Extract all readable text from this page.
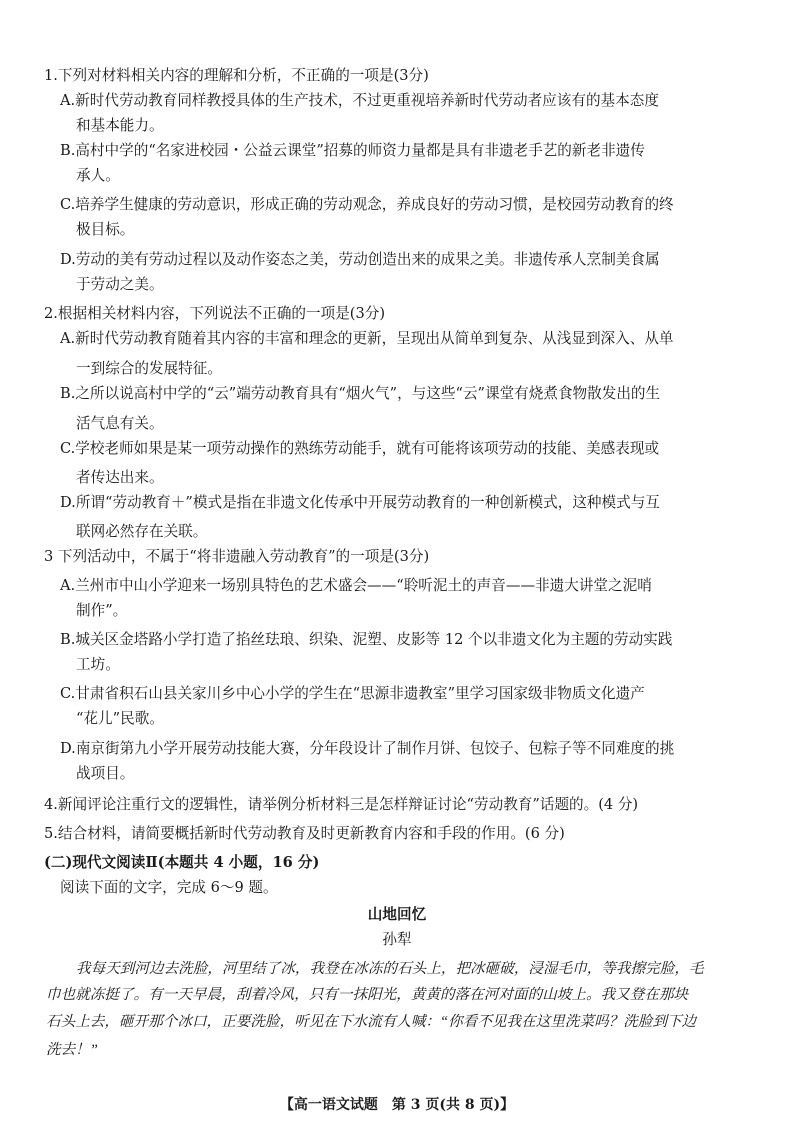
1.下列对材料相关内容的理解和分析，不正确的一项是(3分)
A.新时代劳动教育同样教授具体的生产技术，不过更重视培养新时代劳动者应该有的基本态度
和基本能力。
B.高村中学的“名家进校园・公益云课堂”招募的师资力量都是具有非遗老手艺的新老非遗传
承人。
C.培养学生健康的劳动意识，形成正确的劳动观念，养成良好的劳动习惯，是校园劳动教育的终
极目标。
D.劳动的美有劳动过程以及动作姿态之美，劳动创造出来的成果之美。非遗传承人烹制美食属
于劳动之美。
2.根据相关材料内容，下列说法不正确的一项是(3分)
A.新时代劳动教育随着其内容的丰富和理念的更新，呈现出从简单到复杂、从浅显到深入、从单
一到综合的发展特征。
B.之所以说高村中学的“云”端劳动教育具有“烟火气”，与这些“云”课堂有烧煮食物散发出的生
活气息有关。
C.学校老师如果是某一项劳动操作的熟练劳动能手，就有可能将该项劳动的技能、美感表现或
者传达出来。
D.所谓“劳动教育＋”模式是指在非遗文化传承中开展劳动教育的一种创新模式，这种模式与互
联网必然存在关联。
3 下列活动中，不属于“将非遗融入劳动教育”的一项是(3分)
A.兰州市中山小学迎来一场别具特色的艺术盛会——“聆听泥土的声音——非遗大讲堂之泥哨
制作”。
B.城关区金塔路小学打造了掐丝珐琅、织染、泥塑、皮影等 12 个以非遗文化为主题的劳动实践
工坊。
C.甘肃省积石山县关家川乡中心小学的学生在“思源非遗教室”里学习国家级非物质文化遗产
“花儿”民歌。
D.南京街第九小学开展劳动技能大赛，分年段设计了制作月饼、包饺子、包粽子等不同难度的挑
战项目。
4.新闻评论注重行文的逻辑性，请举例分析材料三是怎样辩证讨论“劳动教育”话题的。(4 分)
5.结合材料，请简要概括新时代劳动教育及时更新教育内容和手段的作用。(6 分)
(二)现代文阅读Ⅱ(本题共 4 小题，16 分)
阅读下面的文字，完成 6～9 题。
山地回忆
孙犁
我每天到河边去洗脸，河里结了冰，我登在冰冻的石头上，把冰砸破，浸湿毛巾，等我擦完脸，毛
巾也就冻挺了。有一天早晨，刮着冷风，只有一抹阳光，黄黄的落在河对面的山坡上。我又登在那块
石头上去，砸开那个冰口，正要洗脸，听见在下水流有人喊：“你看不见我在这里洗菜吗？洗脸到下边
洗去！”
【高一语文试题　第 3 页(共 8 页)】
